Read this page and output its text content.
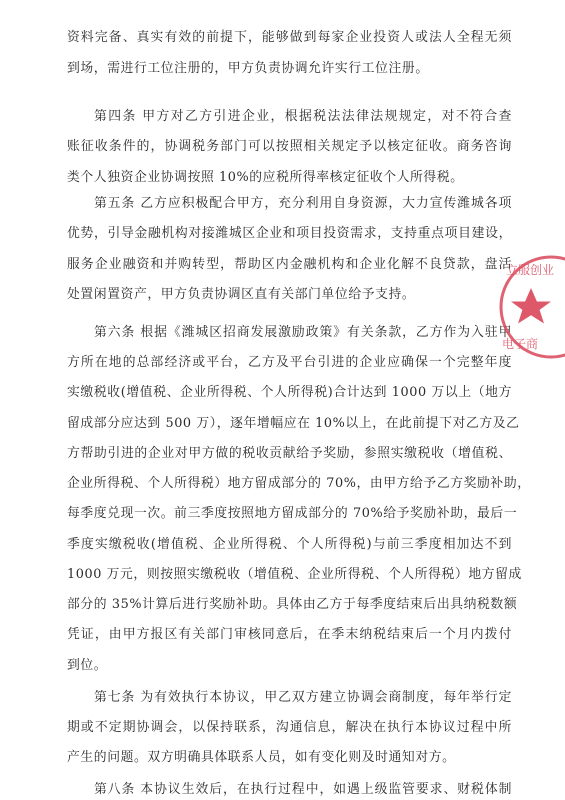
资料完备、真实有效的前提下，能够做到每家企业投资人或法人全程无须
到场，需进行工位注册的，甲方负责协调允许实行工位注册。
第四条 甲方对乙方引进企业，根据税法法律法规规定，对不符合查
账征收条件的，协调税务部门可以按照相关规定予以核定征收。商务咨询
类个人独资企业协调按照 10%的应税所得率核定征收个人所得税。
第五条 乙方应积极配合甲方，充分利用自身资源，大力宣传潍城各项
优势，引导金融机构对接潍城区企业和项目投资需求，支持重点项目建设，
服务企业融资和并购转型，帮助区内金融机构和企业化解不良贷款，盘活
处置闲置资产，甲方负责协调区直有关部门单位给予支持。
第六条 根据《潍城区招商发展激励政策》有关条款，乙方作为入驻甲
方所在地的总部经济或平台，乙方及平台引进的企业应确保一个完整年度
实缴税收(增值税、企业所得税、个人所得税)合计达到 1000 万以上（地方
留成部分应达到 500 万），逐年增幅应在 10%以上，在此前提下对乙方及乙
方帮助引进的企业对甲方做的税收贡献给予奖励，参照实缴税收（增值税、
企业所得税、个人所得税）地方留成部分的 70%，由甲方给予乙方奖励补助，
每季度兑现一次。前三季度按照地方留成部分的 70%给予奖励补助，最后一
季度实缴税收(增值税、企业所得税、个人所得税)与前三季度相加达不到
1000 万元，则按照实缴税收（增值税、企业所得税、个人所得税）地方留成
部分的 35%计算后进行奖励补助。具体由乙方于每季度结束后出具纳税数额
凭证，由甲方报区有关部门审核同意后，在季末纳税结束后一个月内拨付
到位。
第七条 为有效执行本协议，甲乙双方建立协调会商制度，每年举行定
期或不定期协调会，以保持联系，沟通信息，解决在执行本协议过程中所
产生的问题。双方明确具体联系人员，如有变化则及时通知对方。
第八条 本协议生效后，在执行过程中，如遇上级监管要求、财税体制
立服创业
电子商
